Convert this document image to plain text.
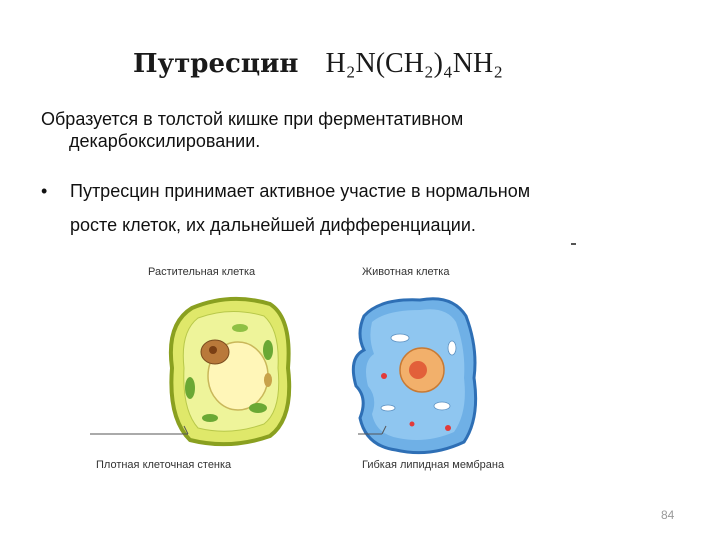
Путресцин H₂N(CH₂)₄NH₂
Образуется в толстой кишке при ферментативном
декарбоксилировании.
• Путресцин принимает активное участие в нормальном
росте клеток, их дальнейшей дифференциации.
Растительная клетка	Животная клетка
Плотная клеточная стенка	Гибкая липидная мембрана
84
